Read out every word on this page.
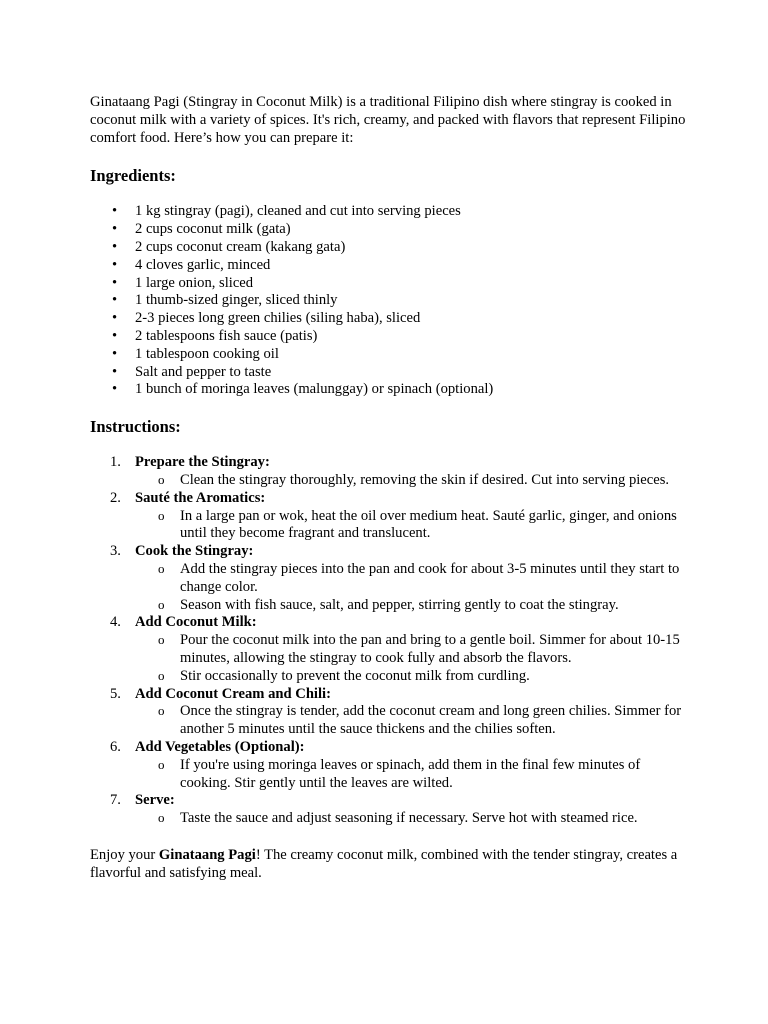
Ginataang Pagi (Stingray in Coconut Milk) is a traditional Filipino dish where stingray is cooked in coconut milk with a variety of spices. It's rich, creamy, and packed with flavors that represent Filipino comfort food. Here’s how you can prepare it:

Ingredients:
• 1 kg stingray (pagi), cleaned and cut into serving pieces
• 2 cups coconut milk (gata)
• 2 cups coconut cream (kakang gata)
• 4 cloves garlic, minced
• 1 large onion, sliced
• 1 thumb-sized ginger, sliced thinly
• 2-3 pieces long green chilies (siling haba), sliced
• 2 tablespoons fish sauce (patis)
• 1 tablespoon cooking oil
• Salt and pepper to taste
• 1 bunch of moringa leaves (malunggay) or spinach (optional)
Instructions:
1. Prepare the Stingray:
o Clean the stingray thoroughly, removing the skin if desired. Cut into serving pieces.
2. Sauté the Aromatics:
o In a large pan or wok, heat the oil over medium heat. Sauté garlic, ginger, and onions until they become fragrant and translucent.
3. Cook the Stingray:
o Add the stingray pieces into the pan and cook for about 3-5 minutes until they start to change color.
o Season with fish sauce, salt, and pepper, stirring gently to coat the stingray.
4. Add Coconut Milk:
o Pour the coconut milk into the pan and bring to a gentle boil. Simmer for about 10-15 minutes, allowing the stingray to cook fully and absorb the flavors.
o Stir occasionally to prevent the coconut milk from curdling.
5. Add Coconut Cream and Chili:
o Once the stingray is tender, add the coconut cream and long green chilies. Simmer for another 5 minutes until the sauce thickens and the chilies soften.
6. Add Vegetables (Optional):
o If you're using moringa leaves or spinach, add them in the final few minutes of cooking. Stir gently until the leaves are wilted.
7. Serve:
o Taste the sauce and adjust seasoning if necessary. Serve hot with steamed rice.

Enjoy your Ginataang Pagi! The creamy coconut milk, combined with the tender stingray, creates a flavorful and satisfying meal.
